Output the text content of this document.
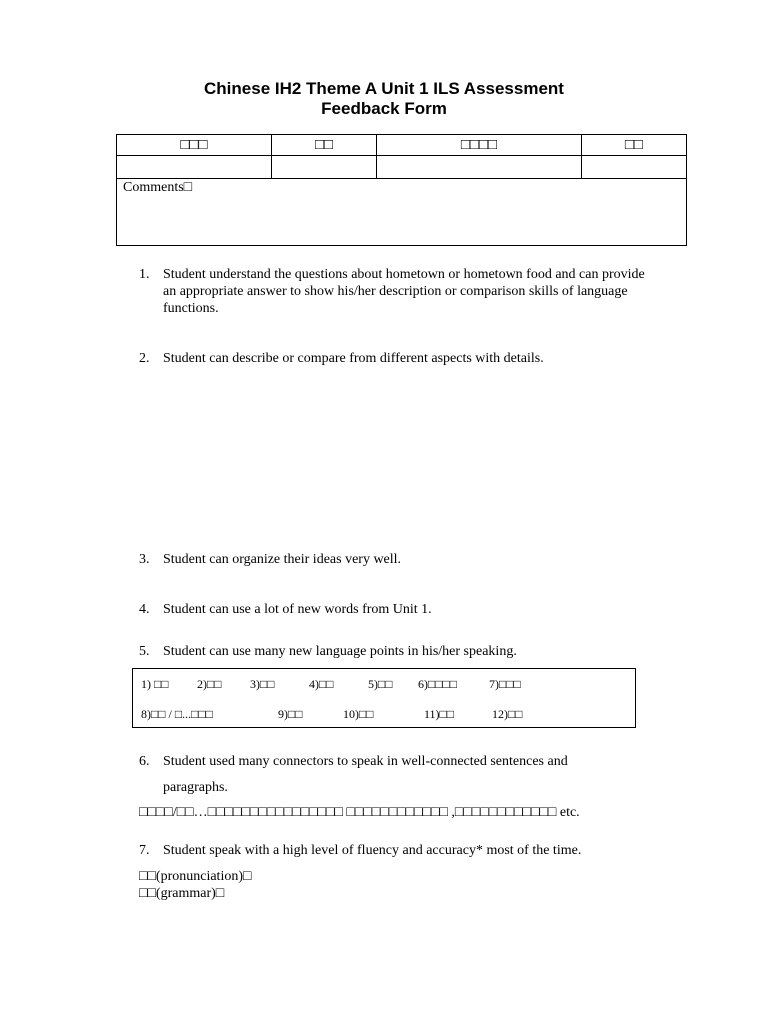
Chinese IH2 Theme A Unit 1 ILS Assessment
Feedback Form
□□□	□□	□□□□	□□

Comments□			
1. Student understand the questions about hometown or hometown food and can provide an appropriate answer to show his/her description or comparison skills of language functions.
2. Student can describe or compare from different aspects with details.
3. Student can organize their ideas very well.
4. Student can use a lot of new words from Unit 1.
5. Student can use many new language points in his/her speaking.
1) □□ 2)□□ 3)□□	4)□□	5)□□ 6)□□□□	7)□□□
8)□□ / □...□□□	9)□□	10)□□	11)□□	12)□□
6. Student used many connectors to speak in well-connected sentences and
paragraphs.
□□□□/□□…□□□□□□□□□□□□□□□□ □□□□□□□□□□□□ ,□□□□□□□□□□□□ etc.
7. Student speak with a high level of fluency and accuracy* most of the time.
□□(pronunciation)□
□□(grammar)□
